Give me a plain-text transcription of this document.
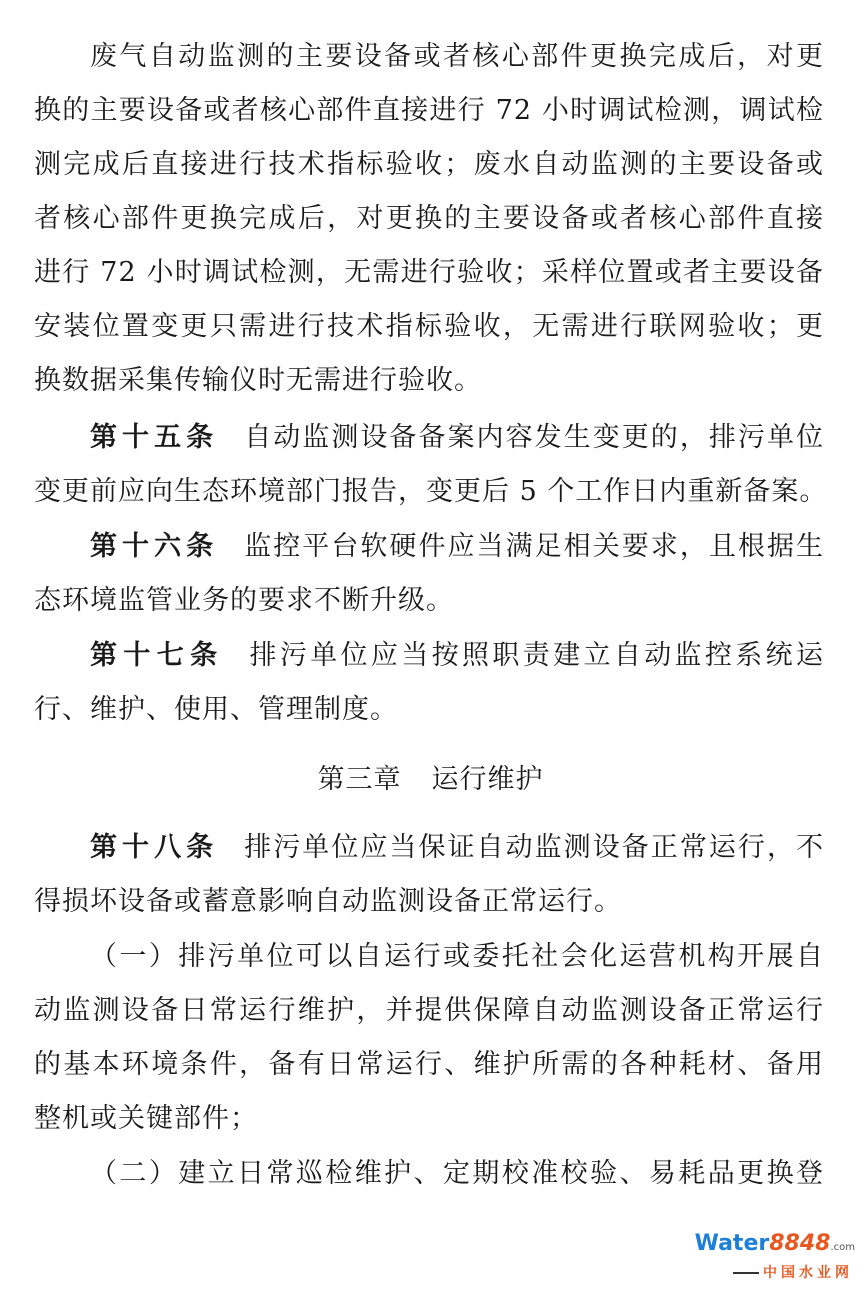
废气自动监测的主要设备或者核心部件更换完成后，对更
换的主要设备或者核心部件直接进行 72 小时调试检测，调试检
测完成后直接进行技术指标验收；废水自动监测的主要设备或
者核心部件更换完成后，对更换的主要设备或者核心部件直接
进行 72 小时调试检测，无需进行验收；采样位置或者主要设备
安装位置变更只需进行技术指标验收，无需进行联网验收；更
换数据采集传输仪时无需进行验收。
第十五条 自动监测设备备案内容发生变更的，排污单位
变更前应向生态环境部门报告，变更后 5 个工作日内重新备案。
第十六条 监控平台软硬件应当满足相关要求，且根据生
态环境监管业务的要求不断升级。
第十七条 排污单位应当按照职责建立自动监控系统运
行、维护、使用、管理制度。
第三章 运行维护
第十八条 排污单位应当保证自动监测设备正常运行，不
得损坏设备或蓄意影响自动监测设备正常运行。
（一）排污单位可以自运行或委托社会化运营机构开展自
动监测设备日常运行维护，并提供保障自动监测设备正常运行
的基本环境条件，备有日常运行、维护所需的各种耗材、备用
整机或关键部件；
（二）建立日常巡检维护、定期校准校验、易耗品更换登
Water8848.com
中国水业网
